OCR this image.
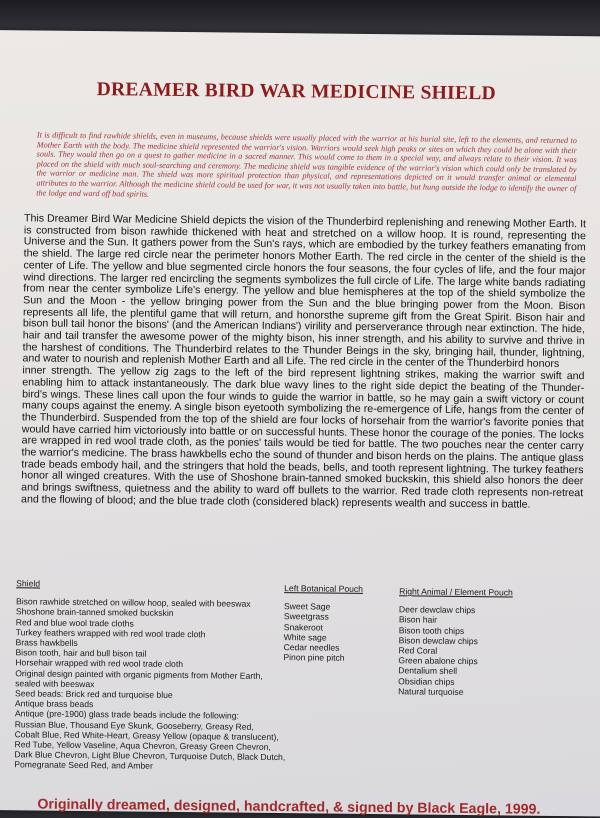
DREAMER BIRD WAR MEDICINE SHIELD
It is difficult to find rawhide shields, even in museums, because shields were usually placed with the warrior at his burial site, left to the elements, and returned to Mother Earth with the body. The medicine shield represented the warrior's vision. Warriors would seek high peaks or sites on which they could be alone with their souls. They would then go on a quest to gather medicine in a sacred manner. This would come to them in a special way, and always relate to their vision. It was placed on the shield with much soul-searching and ceremony. The medicine shield was tangible evidence of the warrior's vision which could only be translated by the warrior or medicine man. The shield was more spiritual protection than physical, and representations depicted on it would transfer animal or elemental attributes to the warrior. Although the medicine shield could be used for war, it was not usually taken into battle, but hung outside the lodge to identify the owner of the lodge and ward off bad spirits.
This Dreamer Bird War Medicine Shield depicts the vision of the Thunderbird replenishing and renewing Mother Earth. It is constructed from bison rawhide thickened with heat and stretched on a willow hoop. It is round, representing the Universe and the Sun. It gathers power from the Sun's rays, which are embodied by the turkey feathers emanating from the shield. The large red circle near the perimeter honors Mother Earth. The red circle in the center of the shield is the center of Life. The yellow and blue segmented circle honors the four seasons, the four cycles of life, and the four major wind directions. The larger red encircling the segments symbolizes the full circle of Life. The large white bands radiating from near the center symbolize Life's energy. The yellow and blue hemispheres at the top of the shield symbolize the Sun and the Moon - the yellow bringing power from the Sun and the blue bringing power from the Moon. Bison represents all life, the plentiful game that will return, and honorsthe supreme gift from the Great Spirit. Bison hair and bison bull tail honor the bisons' (and the American Indians') virility and perserverance through near extinction. The hide, hair and tail transfer the awesome power of the mighty bison, his inner strength, and his ability to survive and thrive in the harshest of conditions. The Thunderbird relates to the Thunder Beings in the sky, bringing hail, thunder, lightning, and water to nourish and replenish Mother Earth and all Life. The red circle in the center of the Thunderbird honors
inner strength. The yellow zig zags to the left of the bird represent lightning strikes, making the warrior swift and enabling him to attack instantaneously. The dark blue wavy lines to the right side depict the beating of the Thunder-bird's wings. These lines call upon the four winds to guide the warrior in battle, so he may gain a swift victory or count many coups against the enemy. A single bison eyetooth symbolizing the re-emergence of Life, hangs from the center of the Thunderbird. Suspended from the top of the shield are four locks of horsehair from the warrior's favorite ponies that would have carried him victoriously into battle or on successful hunts. These honor the courage of the ponies. The locks are wrapped in red wool trade cloth, as the ponies' tails would be tied for battle. The two pouches near the center carry the warrior's medicine. The brass hawkbells echo the sound of thunder and bison herds on the plains. The antique glass trade beads embody hail, and the stringers that hold the beads, bells, and tooth represent lightning. The turkey feathers honor all winged creatures. With the use of Shoshone brain-tanned smoked buckskin, this shield also honors the deer and brings swiftness, quietness and the ability to ward off bullets to the warrior. Red trade cloth represents non-retreat and the flowing of blood; and the blue trade cloth (considered black) represents wealth and success in battle.
Shield
Bison rawhide stretched on willow hoop, sealed with beeswax
Shoshone brain-tanned smoked buckskin
Red and blue wool trade cloths
Turkey feathers wrapped with red wool trade cloth
Brass hawkbells
Bison tooth, hair and bull bison tail
Horsehair wrapped with red wool trade cloth
Original design painted with organic pigments from Mother Earth,
sealed with beeswax
Seed beads: Brick red and turquoise blue
Antique brass beads
Antique (pre-1900) glass trade beads include the following:
Russian Blue, Thousand Eye Skunk, Gooseberry, Greasy Red,
Cobalt Blue, Red White-Heart, Greasy Yellow (opaque & translucent),
Red Tube, Yellow Vaseline, Aqua Chevron, Greasy Green Chevron,
Dark Blue Chevron, Light Blue Chevron, Turquoise Dutch, Black Dutch,
Pomegranate Seed Red, and Amber
Left Botanical Pouch
Sweet Sage
Sweetgrass
Snakeroot
White sage
Cedar needles
Pinon pine pitch
Right Animal / Element Pouch
Deer dewclaw chips
Bison hair
Bison tooth chips
Bison dewclaw chips
Red Coral
Green abalone chips
Dentalium shell
Obsidian chips
Natural turquoise
Originally dreamed, designed, handcrafted, & signed by Black Eagle, 1999.
